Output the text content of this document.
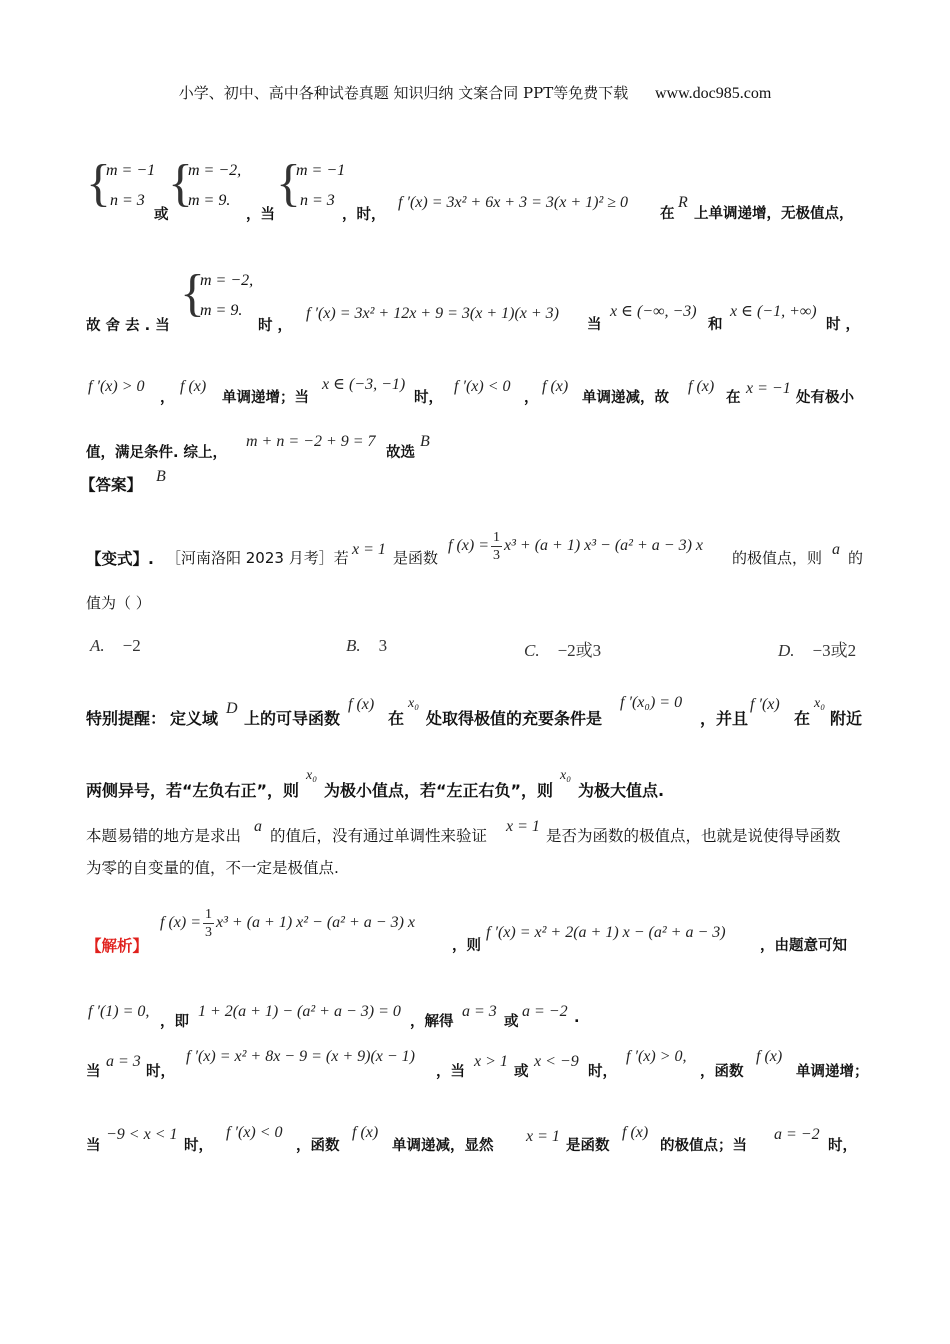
小学、初中、高中各种试卷真题 知识归纳 文案合同 PPT等免费下载 www.doc985.com
{
m = −1
n = 3
或
{
m = −2,
m = 9.
，当
{
m = −1
n = 3
，时，
f ′(x) = 3x² + 6x + 3 = 3(x + 1)² ≥ 0
在
R
上单调递增，无极值点，
故 舍 去 . 当
{
m = −2,
m = 9.
时 ，
f ′(x) = 3x² + 12x + 9 = 3(x + 1)(x + 3)
当
x ∈ (−∞, −3)
和
x ∈ (−1, +∞)
时 ，
f ′(x) > 0
，
f (x)
单调递增；当
x ∈ (−3, −1)
时，
f ′(x) < 0
，
f (x)
单调递减，故
f (x)
在
x = −1
处有极小
值，满足条件. 综上，
m + n = −2 + 9 = 7
故选
B
【答案】 B
【变式】. ［河南洛阳 2023 月考］若 x = 1 是函数
f $(x) = \frac{1}{3} x^3 + (a + 1) x^3 - (a^2 + a - 3)$ x
的极值点，则 a 的
值为（ ）
A. −2	B. 3	C. −2或3	D. −3或2
特别提醒： 定义域
D
上的可导函数
f (x)
在
x₀
处取得极值的充要条件是
f ′(x₀) = 0
，并且
f ′(x)
在
x₀
附近
两侧异号，若“左负右正”，则
x₀
为极小值点，若“左正右负”，则
x₀
为极大值点.
本题易错的地方是求出
a
的值后，没有通过单调性来验证
x = 1
是否为函数的极值点，也就是说使得导函数
为零的自变量的值，不一定是极值点.
【解析】
f $(x) = \frac{1}{3} x^3 + (a + 1) x^2 - (a^2 + a - 3)$ x
，则
f ′(x) = x² + 2(a + 1) x − (a² + a − 3)
，由题意可知
f ′(1) = 0,
，即
1 + 2(a + 1) − (a² + a − 3) = 0
，解得
a = 3
或
a = −2 .
当
a = 3
时，
f ′(x) = x² + 8x − 9 = (x + 9)(x − 1)
，当
x > 1
或
x < −9
时，
f ′(x) > 0,
，函数
f (x)
单调递增；
当
−9 < x < 1
时，
f ′(x) < 0
，函数
f (x)
单调递减，显然
x = 1
是函数
f (x)
的极值点；当
a = −2
时，
